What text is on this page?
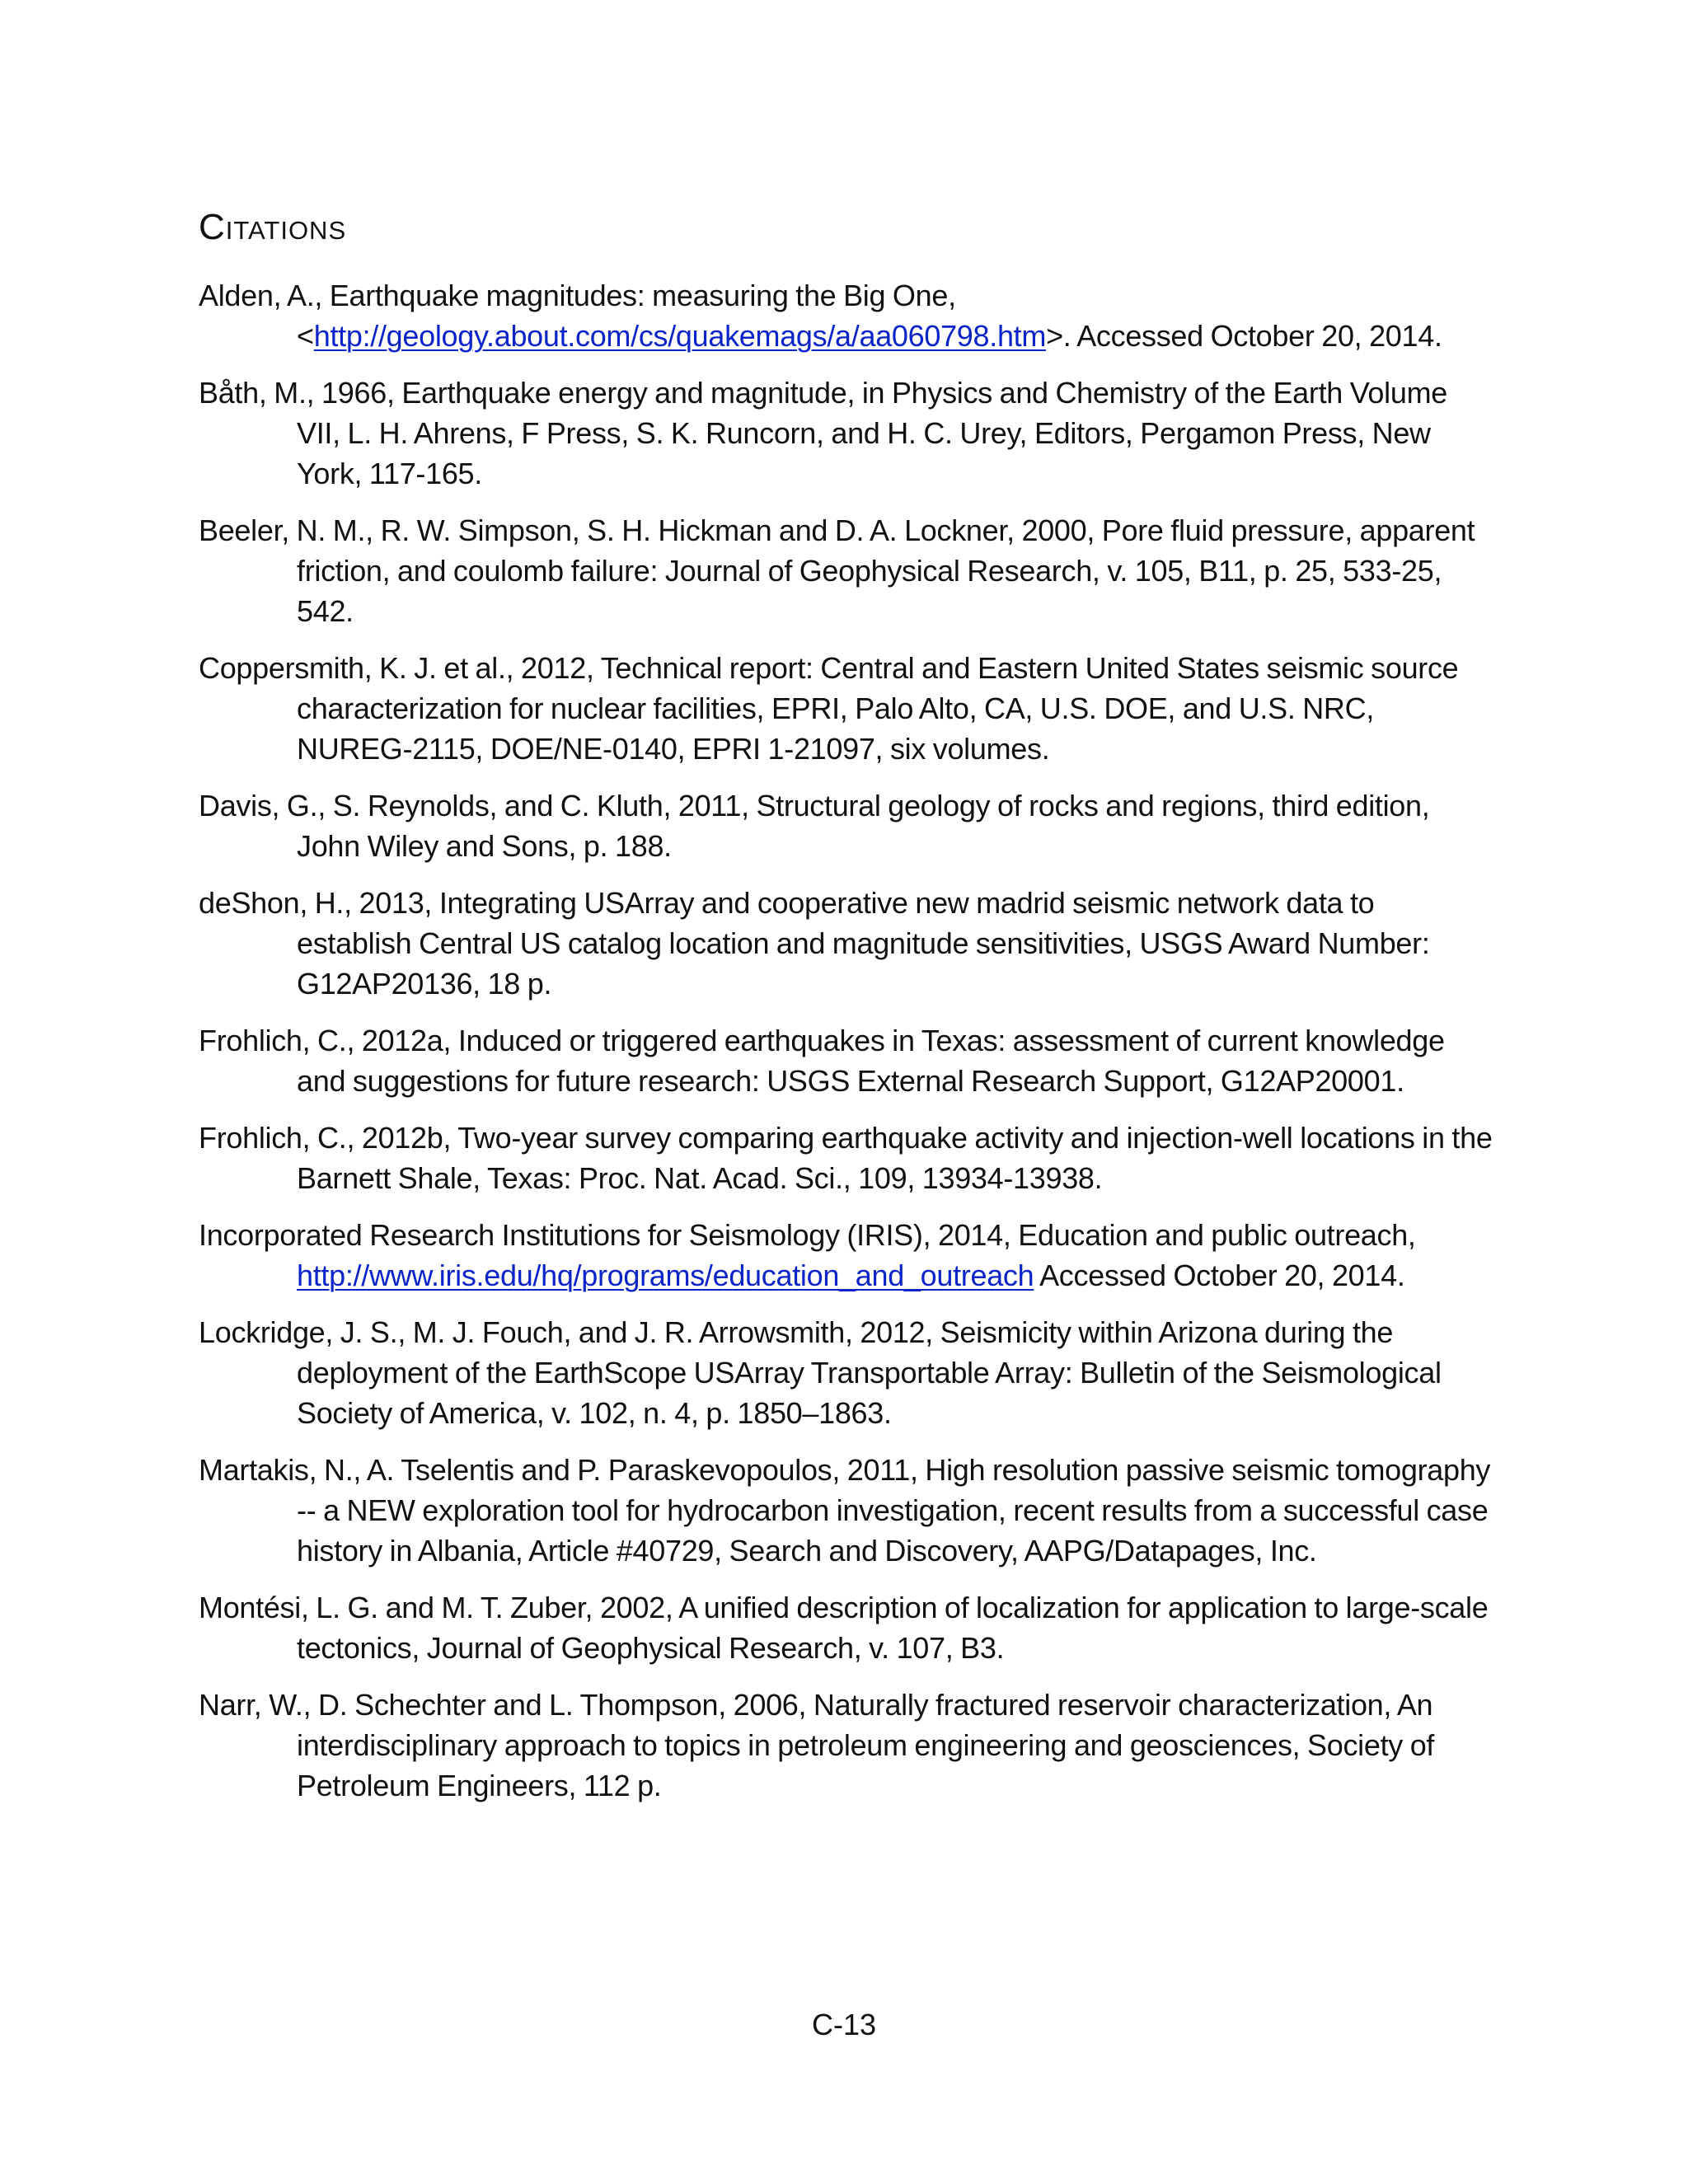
Citations
Alden, A., Earthquake magnitudes: measuring the Big One, <http://geology.about.com/cs/quakemags/a/aa060798.htm>. Accessed October 20, 2014.
Båth, M., 1966, Earthquake energy and magnitude, in Physics and Chemistry of the Earth Volume VII, L. H. Ahrens, F Press, S. K. Runcorn, and H. C. Urey, Editors, Pergamon Press, New York, 117-165.
Beeler, N. M., R. W. Simpson, S. H. Hickman and D. A. Lockner, 2000, Pore fluid pressure, apparent friction, and coulomb failure: Journal of Geophysical Research, v. 105, B11, p. 25, 533-25, 542.
Coppersmith, K. J. et al., 2012, Technical report: Central and Eastern United States seismic source characterization for nuclear facilities, EPRI, Palo Alto, CA, U.S. DOE, and U.S. NRC, NUREG-2115, DOE/NE-0140, EPRI 1-21097, six volumes.
Davis, G., S. Reynolds, and C. Kluth, 2011, Structural geology of rocks and regions, third edition, John Wiley and Sons, p. 188.
deShon, H., 2013, Integrating USArray and cooperative new madrid seismic network data to establish Central US catalog location and magnitude sensitivities, USGS Award Number: G12AP20136, 18 p.
Frohlich, C., 2012a, Induced or triggered earthquakes in Texas: assessment of current knowledge and suggestions for future research: USGS External Research Support, G12AP20001.
Frohlich, C., 2012b, Two-year survey comparing earthquake activity and injection-well locations in the Barnett Shale, Texas: Proc. Nat. Acad. Sci., 109, 13934-13938.
Incorporated Research Institutions for Seismology (IRIS), 2014, Education and public outreach, http://www.iris.edu/hq/programs/education_and_outreach Accessed October 20, 2014.
Lockridge, J. S., M. J. Fouch, and J. R. Arrowsmith, 2012, Seismicity within Arizona during the deployment of the EarthScope USArray Transportable Array: Bulletin of the Seismological Society of America, v. 102, n. 4, p. 1850–1863.
Martakis, N., A. Tselentis and P. Paraskevopoulos, 2011, High resolution passive seismic tomography -- a NEW exploration tool for hydrocarbon investigation, recent results from a successful case history in Albania, Article #40729, Search and Discovery, AAPG/Datapages, Inc.
Montési, L. G. and M. T. Zuber, 2002, A unified description of localization for application to large-scale tectonics, Journal of Geophysical Research, v. 107, B3.
Narr, W., D. Schechter and L. Thompson, 2006, Naturally fractured reservoir characterization, An interdisciplinary approach to topics in petroleum engineering and geosciences, Society of Petroleum Engineers, 112 p.
C-13
